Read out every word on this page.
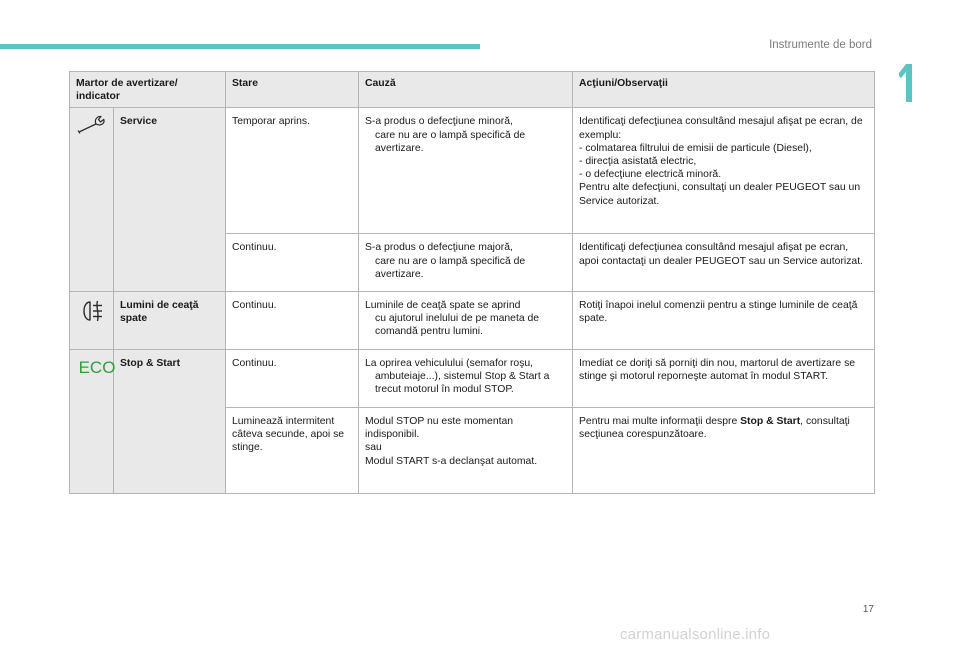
Instrumente de bord
Martor de avertizare/ indicator		Stare	Cauză	Acţiuni/Observaţii
	Service	Temporar aprins.	S-a produs o defecţiune minoră,
care nu are o lampă specifică de avertizare.	Identificaţi defecţiunea consultând mesajul afişat pe ecran, de exemplu:
- colmatarea filtrului de emisii de particule (Diesel),
- direcţia asistată electric,
- o defecţiune electrică minoră.
Pentru alte defecţiuni, consultaţi un dealer PEUGEOT sau un Service autorizat.

		Continuu.	S-a produs o defecţiune majoră,
care nu are o lampă specifică de avertizare.	Identificaţi defecţiunea consultând mesajul afişat pe ecran, apoi contactaţi un dealer PEUGEOT sau un Service autorizat.
	Lumini de ceaţă spate	Continuu.	Luminile de ceaţă spate se aprind
cu ajutorul inelului de pe maneta de comandă pentru lumini.	Rotiţi înapoi inelul comenzii pentru a stinge luminile de ceaţă spate.

ECO	Stop & Start	Continuu.	La oprirea vehiculului (semafor roşu,
ambuteiaje...), sistemul Stop & Start a trecut motorul în modul STOP.	Imediat ce doriţi să porniţi din nou, martorul de avertizare se stinge şi motorul reporneşte automat în modul START.
		Luminează intermitent câteva secunde, apoi se stinge.	Modul STOP nu este momentan indisponibil.
sau
Modul START s-a declanşat automat.	Pentru mai multe informaţii despre Stop & Start, consultaţi secţiunea corespunzătoare.
17
carmanualsonline.info
